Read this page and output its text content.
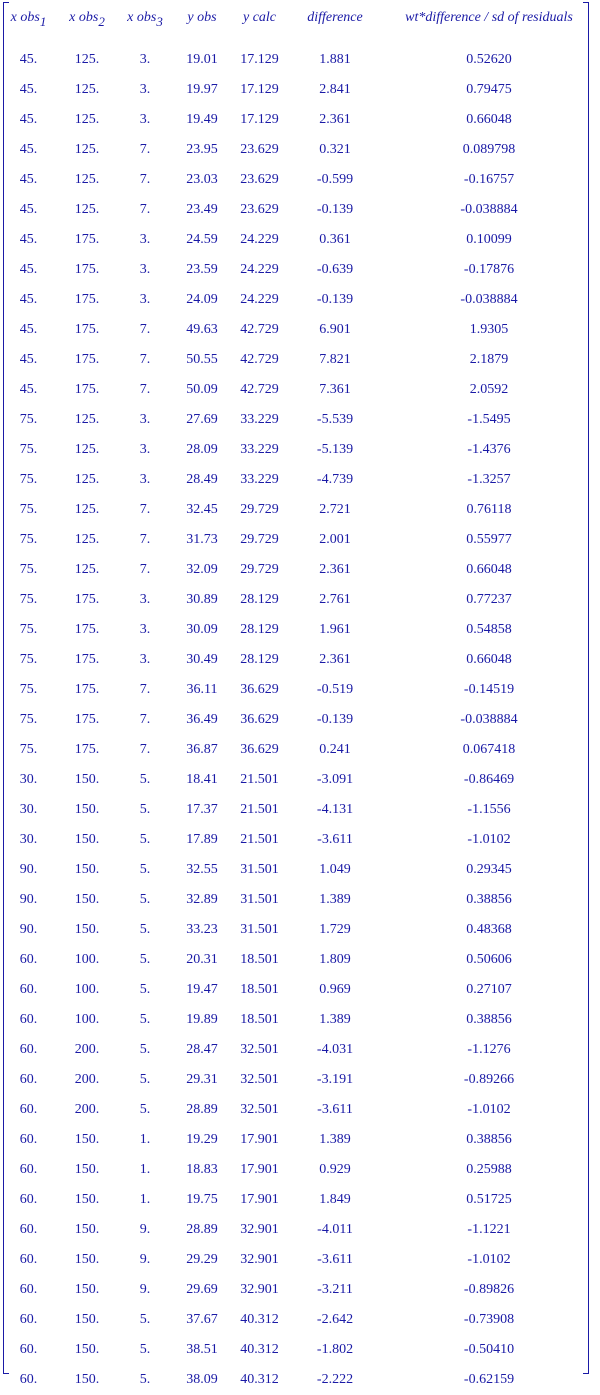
x obs$_1$	x obs$_2$	x obs$_3$	y obs	y calc	difference	wt*difference / sd of residuals
45.	125.	3.	19.01	17.129	1.881	0.52620
45.	125.	3.	19.97	17.129	2.841	0.79475
45.	125.	3.	19.49	17.129	2.361	0.66048
45.	125.	7.	23.95	23.629	0.321	0.089798
45.	125.	7.	23.03	23.629	-0.599	-0.16757
45.	125.	7.	23.49	23.629	-0.139	-0.038884
45.	175.	3.	24.59	24.229	0.361	0.10099
45.	175.	3.	23.59	24.229	-0.639	-0.17876
45.	175.	3.	24.09	24.229	-0.139	-0.038884
45.	175.	7.	49.63	42.729	6.901	1.9305
45.	175.	7.	50.55	42.729	7.821	2.1879
45.	175.	7.	50.09	42.729	7.361	2.0592
75.	125.	3.	27.69	33.229	-5.539	-1.5495
75.	125.	3.	28.09	33.229	-5.139	-1.4376
75.	125.	3.	28.49	33.229	-4.739	-1.3257
75.	125.	7.	32.45	29.729	2.721	0.76118
75.	125.	7.	31.73	29.729	2.001	0.55977
75.	125.	7.	32.09	29.729	2.361	0.66048
75.	175.	3.	30.89	28.129	2.761	0.77237
75.	175.	3.	30.09	28.129	1.961	0.54858
75.	175.	3.	30.49	28.129	2.361	0.66048
75.	175.	7.	36.11	36.629	-0.519	-0.14519
75.	175.	7.	36.49	36.629	-0.139	-0.038884
75.	175.	7.	36.87	36.629	0.241	0.067418
30.	150.	5.	18.41	21.501	-3.091	-0.86469
30.	150.	5.	17.37	21.501	-4.131	-1.1556
30.	150.	5.	17.89	21.501	-3.611	-1.0102
90.	150.	5.	32.55	31.501	1.049	0.29345
90.	150.	5.	32.89	31.501	1.389	0.38856
90.	150.	5.	33.23	31.501	1.729	0.48368
60.	100.	5.	20.31	18.501	1.809	0.50606
60.	100.	5.	19.47	18.501	0.969	0.27107
60.	100.	5.	19.89	18.501	1.389	0.38856
60.	200.	5.	28.47	32.501	-4.031	-1.1276
60.	200.	5.	29.31	32.501	-3.191	-0.89266
60.	200.	5.	28.89	32.501	-3.611	-1.0102
60.	150.	1.	19.29	17.901	1.389	0.38856
60.	150.	1.	18.83	17.901	0.929	0.25988
60.	150.	1.	19.75	17.901	1.849	0.51725
60.	150.	9.	28.89	32.901	-4.011	-1.1221
60.	150.	9.	29.29	32.901	-3.611	-1.0102
60.	150.	9.	29.69	32.901	-3.211	-0.89826
60.	150.	5.	37.67	40.312	-2.642	-0.73908
60.	150.	5.	38.51	40.312	-1.802	-0.50410
60.	150.	5.	38.09	40.312	-2.222	-0.62159
